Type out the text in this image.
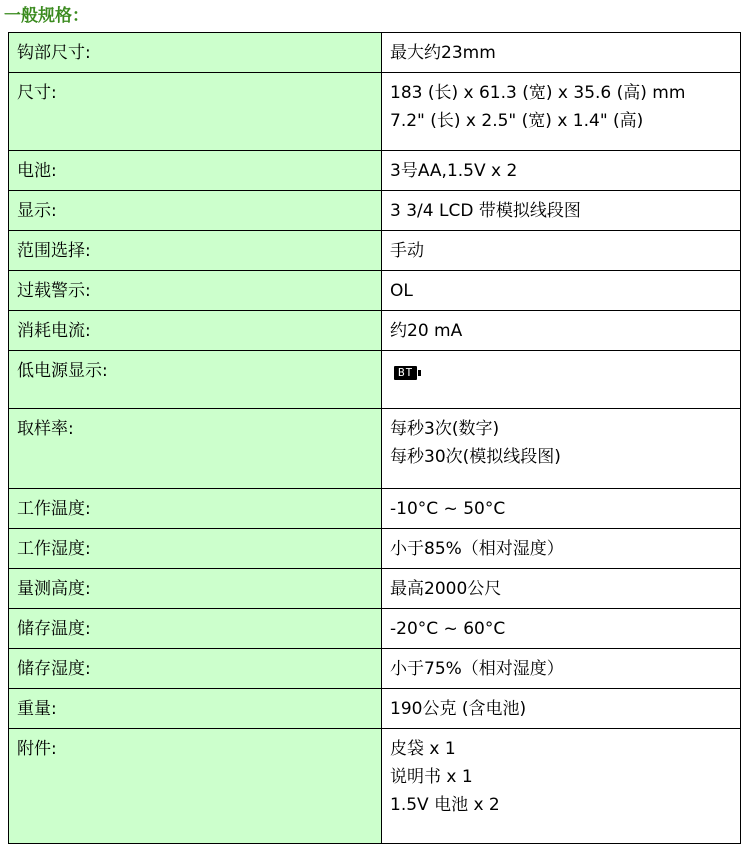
一般规格：
钩部尺寸:	最大约23mm

尺寸:	183 (长) x 61.3 (宽) x 35.6 (高) mm
7.2" (长) x 2.5" (宽) x 1.4" (高)

电池:	3号AA,1.5V x 2

显示:	3 3/4 LCD 带模拟线段图

范围选择:	手动

过载警示:	OL

消耗电流:	约20 mA

低电源显示:	BT
取样率:	每秒3次(数字)
每秒30次(模拟线段图)

工作温度:	-10°C ~ 50°C

工作湿度:	小于85%（相对湿度）

量测高度:	最高2000公尺

储存温度:	-20°C ~ 60°C

储存湿度:	小于75%（相对湿度）

重量:	190公克 (含电池)

附件:	皮袋 x 1
说明书 x 1
1.5V 电池 x 2
